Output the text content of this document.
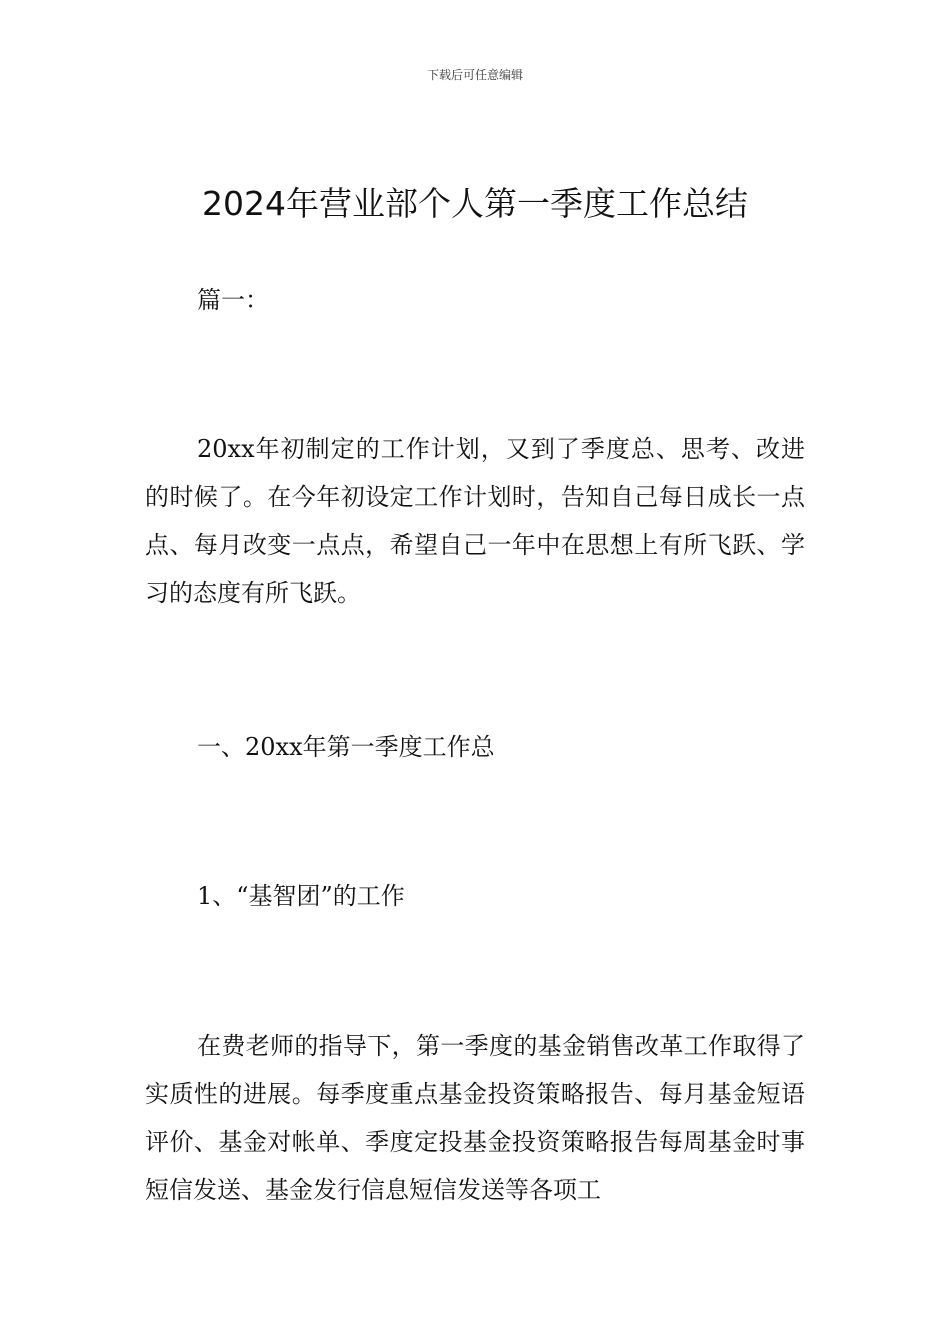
下载后可任意编辑
2024年营业部个人第一季度工作总结
篇一：
20xx年初制定的工作计划，又到了季度总、思考、改进的时候了。在今年初设定工作计划时，告知自己每日成长一点点、每月改变一点点，希望自己一年中在思想上有所飞跃、学习的态度有所飞跃。
一、20xx年第一季度工作总
1、“基智团”的工作
在费老师的指导下，第一季度的基金销售改革工作取得了实质性的进展。每季度重点基金投资策略报告、每月基金短语评价、基金对帐单、季度定投基金投资策略报告每周基金时事短信发送、基金发行信息短信发送等各项工
